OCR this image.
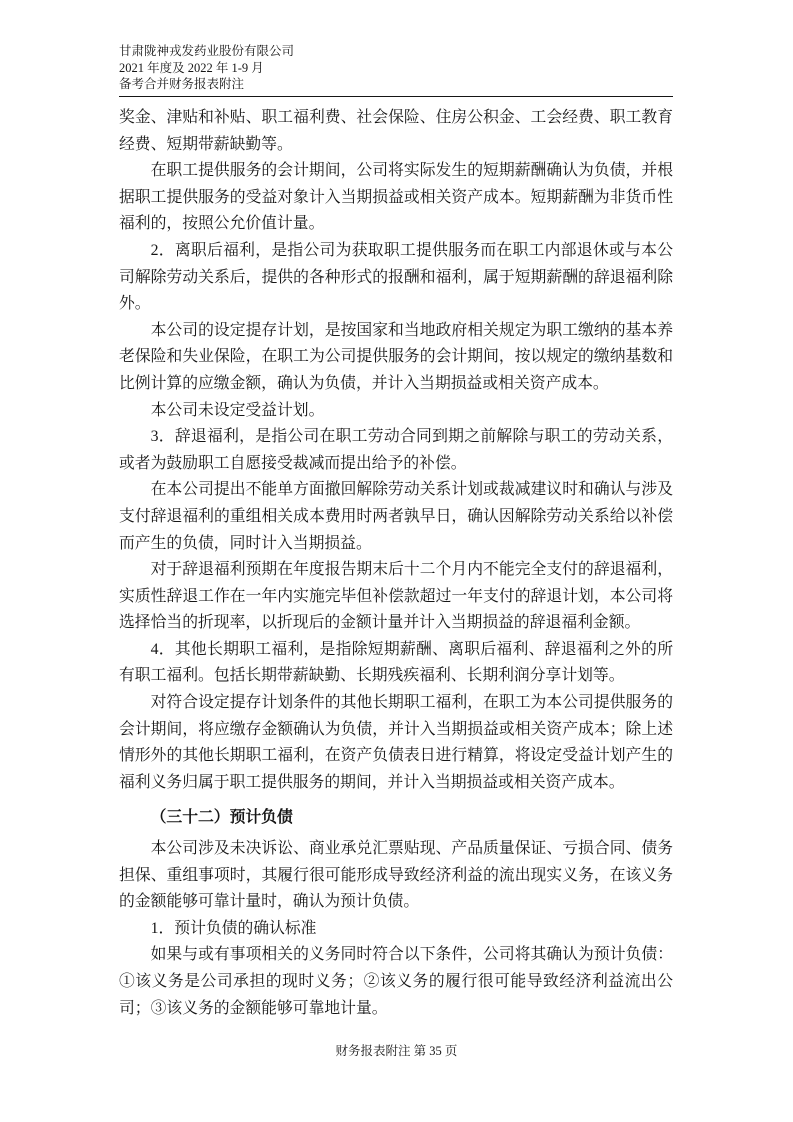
甘肃陇神戎发药业股份有限公司
2021 年度及 2022 年 1-9 月
备考合并财务报表附注

奖金、津贴和补贴、职工福利费、社会保险、住房公积金、工会经费、职工教育经费、短期带薪缺勤等。

在职工提供服务的会计期间，公司将实际发生的短期薪酬确认为负债，并根据职工提供服务的受益对象计入当期损益或相关资产成本。短期薪酬为非货币性福利的，按照公允价值计量。

2．离职后福利，是指公司为获取职工提供服务而在职工内部退休或与本公司解除劳动关系后，提供的各种形式的报酬和福利，属于短期薪酬的辞退福利除外。

本公司的设定提存计划，是按国家和当地政府相关规定为职工缴纳的基本养老保险和失业保险，在职工为公司提供服务的会计期间，按以规定的缴纳基数和比例计算的应缴金额，确认为负债，并计入当期损益或相关资产成本。

本公司未设定受益计划。

3．辞退福利，是指公司在职工劳动合同到期之前解除与职工的劳动关系，或者为鼓励职工自愿接受裁减而提出给予的补偿。

在本公司提出不能单方面撤回解除劳动关系计划或裁减建议时和确认与涉及支付辞退福利的重组相关成本费用时两者孰早日，确认因解除劳动关系给以补偿而产生的负债，同时计入当期损益。

对于辞退福利预期在年度报告期末后十二个月内不能完全支付的辞退福利，实质性辞退工作在一年内实施完毕但补偿款超过一年支付的辞退计划，本公司将选择恰当的折现率，以折现后的金额计量并计入当期损益的辞退福利金额。

4．其他长期职工福利，是指除短期薪酬、离职后福利、辞退福利之外的所有职工福利。包括长期带薪缺勤、长期残疾福利、长期利润分享计划等。

对符合设定提存计划条件的其他长期职工福利，在职工为本公司提供服务的会计期间，将应缴存金额确认为负债，并计入当期损益或相关资产成本；除上述情形外的其他长期职工福利，在资产负债表日进行精算，将设定受益计划产生的福利义务归属于职工提供服务的期间，并计入当期损益或相关资产成本。

（三十二）预计负债

本公司涉及未决诉讼、商业承兑汇票贴现、产品质量保证、亏损合同、债务担保、重组事项时，其履行很可能形成导致经济利益的流出现实义务，在该义务的金额能够可靠计量时，确认为预计负债。

1．预计负债的确认标准

如果与或有事项相关的义务同时符合以下条件，公司将其确认为预计负债：①该义务是公司承担的现时义务；②该义务的履行很可能导致经济利益流出公司；③该义务的金额能够可靠地计量。

财务报表附注 第 35 页
